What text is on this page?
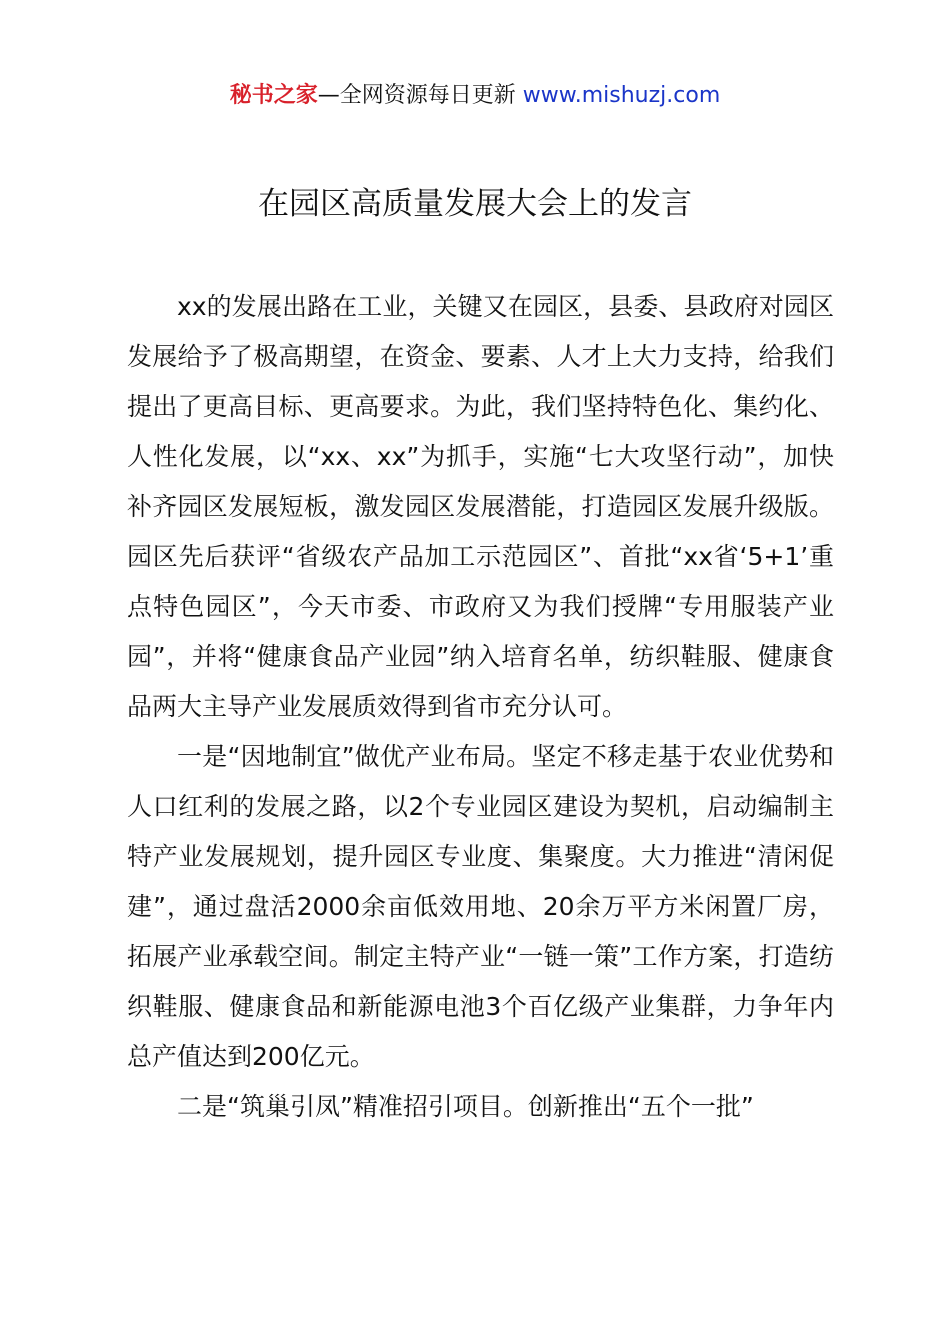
秘书之家—全网资源每日更新 www.mishuzj.com
在园区高质量发展大会上的发言

xx的发展出路在工业，关键又在园区，县委、县政府对园区发展给予了极高期望，在资金、要素、人才上大力支持，给我们提出了更高目标、更高要求。为此，我们坚持特色化、集约化、人性化发展，以“xx、xx”为抓手，实施“七大攻坚行动”，加快补齐园区发展短板，激发园区发展潜能，打造园区发展升级版。园区先后获评“省级农产品加工示范园区”、首批“xx省‘5+1’重点特色园区”，今天市委、市政府又为我们授牌“专用服装产业园”，并将“健康食品产业园”纳入培育名单，纺织鞋服、健康食品两大主导产业发展质效得到省市充分认可。

一是“因地制宜”做优产业布局。坚定不移走基于农业优势和人口红利的发展之路，以2个专业园区建设为契机，启动编制主特产业发展规划，提升园区专业度、集聚度。大力推进“清闲促建”，通过盘活2000余亩低效用地、20余万平方米闲置厂房，拓展产业承载空间。制定主特产业“一链一策”工作方案，打造纺织鞋服、健康食品和新能源电池3个百亿级产业集群，力争年内总产值达到200亿元。

二是“筑巢引凤”精准招引项目。创新推出“五个一批”
